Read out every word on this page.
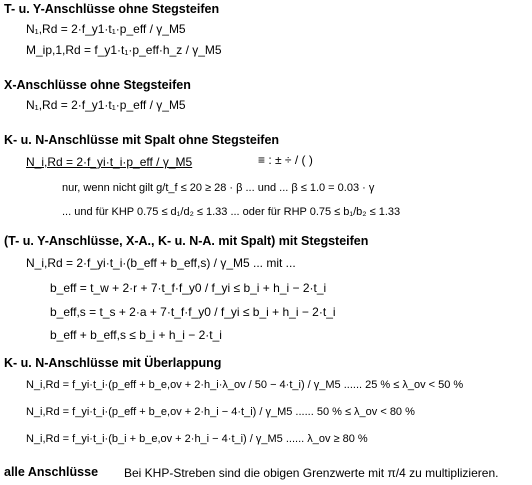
T- u. Y-Anschlüsse ohne Stegsteifen
N₁,Rd = 2·f_y1·t₁·p_eff / γ_M5
M_ip,1,Rd = f_y1·t₁·p_eff·h_z / γ_M5
X-Anschlüsse ohne Stegsteifen
N₁,Rd = 2·f_y1·t₁·p_eff / γ_M5
K- u. N-Anschlüsse mit Spalt ohne Stegsteifen
N_i,Rd = 2·f_yi·t_i·p_eff / γ_M5	≡ : ± ÷ / ( )
nur, wenn nicht gilt g/t_f ≤ 20 ≥ 28 · β ... und ... β ≤ 1.0 = 0.03 · γ
... und für KHP 0.75 ≤ d₁/d₂ ≤ 1.33 ... oder für RHP 0.75 ≤ b₁/b₂ ≤ 1.33
(T- u. Y-Anschlüsse, X-A., K- u. N-A. mit Spalt) mit Stegsteifen
N_i,Rd = 2·f_yi·t_i·(b_eff + b_eff,s) / γ_M5 ... mit ...
b_eff = t_w + 2·r + 7·t_f·f_y0 / f_yi ≤ b_i + h_i − 2·t_i
b_eff,s = t_s + 2·a + 7·t_f·f_y0 / f_yi ≤ b_i + h_i − 2·t_i
b_eff + b_eff,s ≤ b_i + h_i − 2·t_i
K- u. N-Anschlüsse mit Überlappung
N_i,Rd = f_yi·t_i·(p_eff + b_e,ov + 2·h_i·λ_ov / 50 − 4·t_i) / γ_M5 ...... 25 % ≤ λ_ov < 50 %
N_i,Rd = f_yi·t_i·(p_eff + b_e,ov + 2·h_i − 4·t_i) / γ_M5 ...... 50 % ≤ λ_ov < 80 %
N_i,Rd = f_yi·t_i·(b_i + b_e,ov + 2·h_i − 4·t_i) / γ_M5 ...... λ_ov ≥ 80 %
alle Anschlüsse Bei KHP-Streben sind die obigen Grenzwerte mit π/4 zu multiplizieren.
